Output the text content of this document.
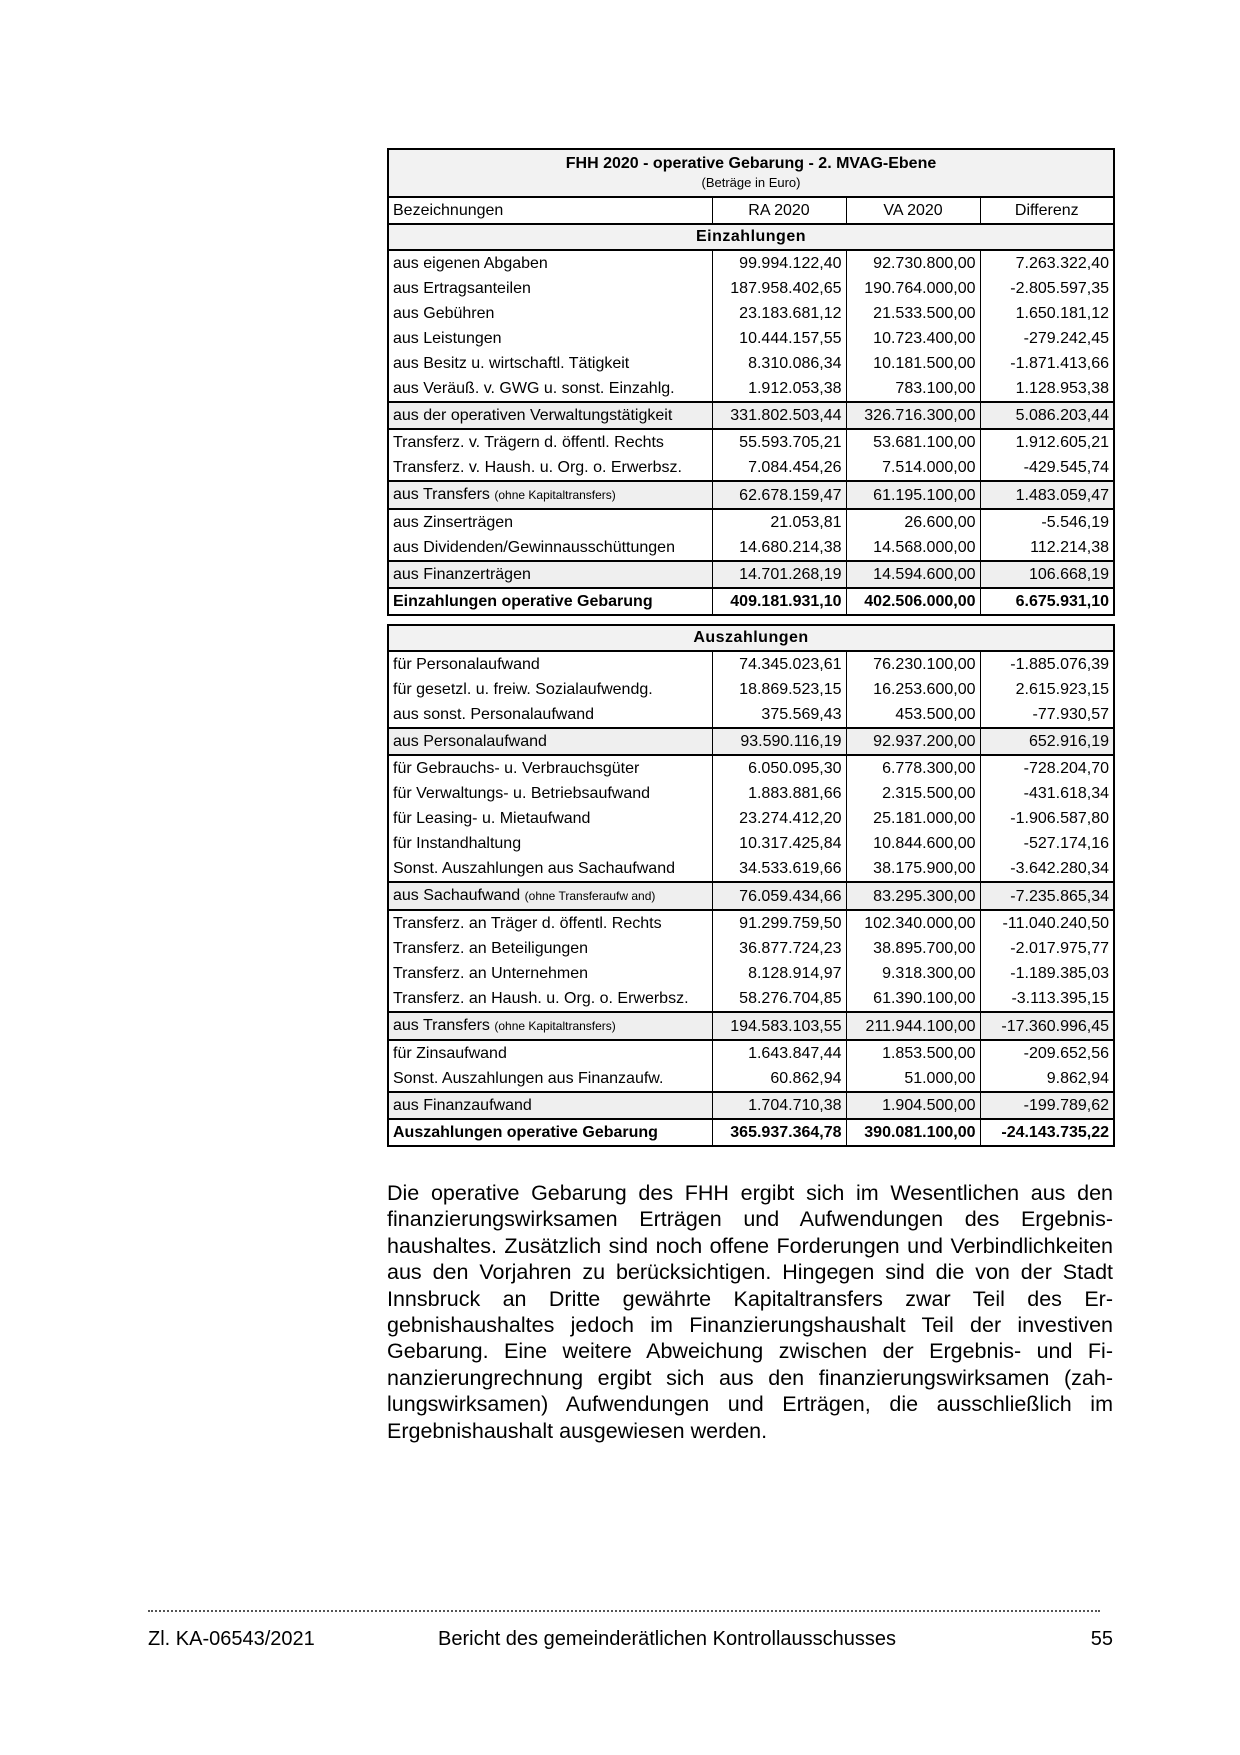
FHH 2020 - operative Gebarung - 2. MVAG-Ebene
(Beträge in Euro)			

Bezeichnungen	RA 2020	VA 2020	Differenz
Einzahlungen			
aus eigenen Abgaben	99.994.122,40	92.730.800,00	7.263.322,40
aus Ertragsanteilen	187.958.402,65	190.764.000,00	-2.805.597,35
aus Gebühren	23.183.681,12	21.533.500,00	1.650.181,12
aus Leistungen	10.444.157,55	10.723.400,00	-279.242,45
aus Besitz u. wirtschaftl. Tätigkeit	8.310.086,34	10.181.500,00	-1.871.413,66
aus Veräuß. v. GWG u. sonst. Einzahlg.	1.912.053,38	783.100,00	1.128.953,38
aus der operativen Verwaltungstätigkeit	331.802.503,44	326.716.300,00	5.086.203,44
Transferz. v. Trägern d. öffentl. Rechts	55.593.705,21	53.681.100,00	1.912.605,21
Transferz. v. Haush. u. Org. o. Erwerbsz.	7.084.454,26	7.514.000,00	-429.545,74
aus Transfers (ohne Kapitaltransfers)	62.678.159,47	61.195.100,00	1.483.059,47
aus Zinserträgen	21.053,81	26.600,00	-5.546,19
aus Dividenden/Gewinnausschüttungen	14.680.214,38	14.568.000,00	112.214,38
aus Finanzerträgen	14.701.268,19	14.594.600,00	106.668,19
Einzahlungen operative Gebarung	409.181.931,10	402.506.000,00	6.675.931,10

Auszahlungen			
für Personalaufwand	74.345.023,61	76.230.100,00	-1.885.076,39
für gesetzl. u. freiw. Sozialaufwendg.	18.869.523,15	16.253.600,00	2.615.923,15
aus sonst. Personalaufwand	375.569,43	453.500,00	-77.930,57
aus Personalaufwand	93.590.116,19	92.937.200,00	652.916,19
für Gebrauchs- u. Verbrauchsgüter	6.050.095,30	6.778.300,00	-728.204,70
für Verwaltungs- u. Betriebsaufwand	1.883.881,66	2.315.500,00	-431.618,34
für Leasing- u. Mietaufwand	23.274.412,20	25.181.000,00	-1.906.587,80
für Instandhaltung	10.317.425,84	10.844.600,00	-527.174,16
Sonst. Auszahlungen aus Sachaufwand	34.533.619,66	38.175.900,00	-3.642.280,34
aus Sachaufwand (ohne Transferaufw and)	76.059.434,66	83.295.300,00	-7.235.865,34
Transferz. an Träger d. öffentl. Rechts	91.299.759,50	102.340.000,00	-11.040.240,50
Transferz. an Beteiligungen	36.877.724,23	38.895.700,00	-2.017.975,77
Transferz. an Unternehmen	8.128.914,97	9.318.300,00	-1.189.385,03
Transferz. an Haush. u. Org. o. Erwerbsz.	58.276.704,85	61.390.100,00	-3.113.395,15
aus Transfers (ohne Kapitaltransfers)	194.583.103,55	211.944.100,00	-17.360.996,45
für Zinsaufwand	1.643.847,44	1.853.500,00	-209.652,56
Sonst. Auszahlungen aus Finanzaufw.	60.862,94	51.000,00	9.862,94
aus Finanzaufwand	1.704.710,38	1.904.500,00	-199.789,62
Auszahlungen operative Gebarung	365.937.364,78	390.081.100,00	-24.143.735,22

Die operative Gebarung des FHH ergibt sich im Wesentlichen aus den finanzierungswirksamen Erträgen und Aufwendungen des Ergebnishaushaltes. Zusätzlich sind noch offene Forderungen und Verbindlichkeiten aus den Vorjahren zu berücksichtigen. Hingegen sind die von der Stadt Innsbruck an Dritte gewährte Kapitaltransfers zwar Teil des Ergebnishaushaltes jedoch im Finanzierungshaushalt Teil der investiven Gebarung. Eine weitere Abweichung zwischen der Ergebnis- und Finanzierungrechnung ergibt sich aus den finanzierungswirksamen (zahlungswirksamen) Aufwendungen und Erträgen, die ausschließlich im Ergebnishaushalt ausgewiesen werden.

Zl. KA-06543/2021	Bericht des gemeinderätlichen Kontrollausschusses	55
